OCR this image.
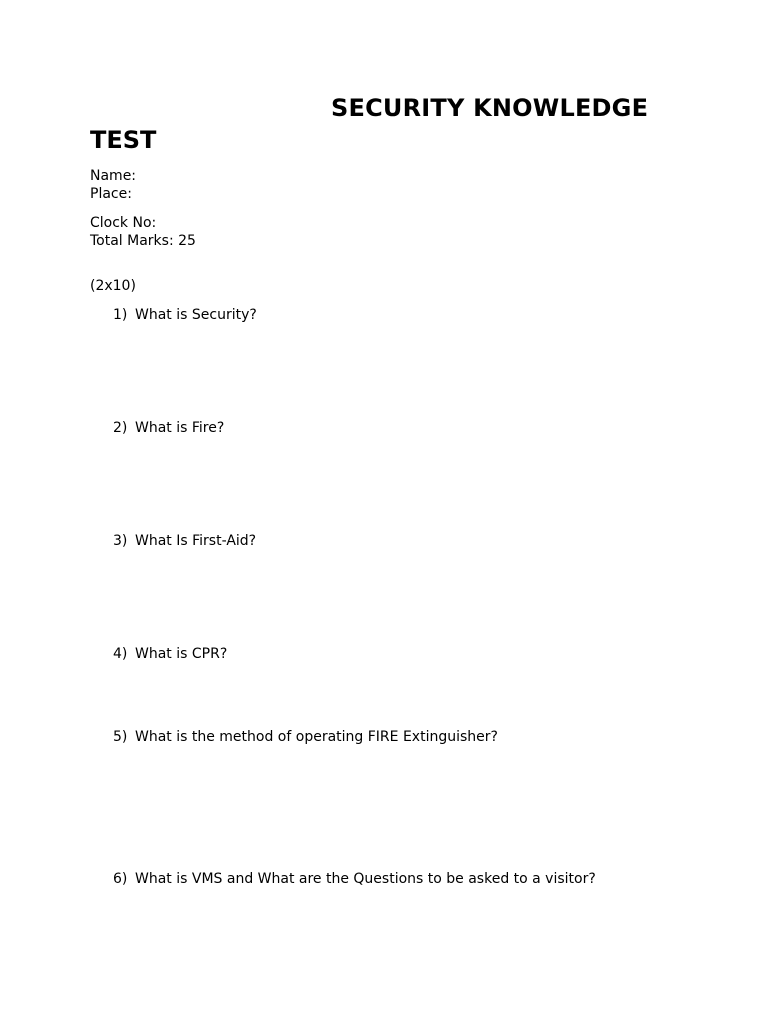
SECURITY KNOWLEDGE
TEST
Name:
Place:
Clock No:
Total Marks: 25
(2x10)
1) What is Security?
2) What is Fire?
3) What Is First-Aid?
4) What is CPR?
5) What is the method of operating FIRE Extinguisher?
6) What is VMS and What are the Questions to be asked to a visitor?
